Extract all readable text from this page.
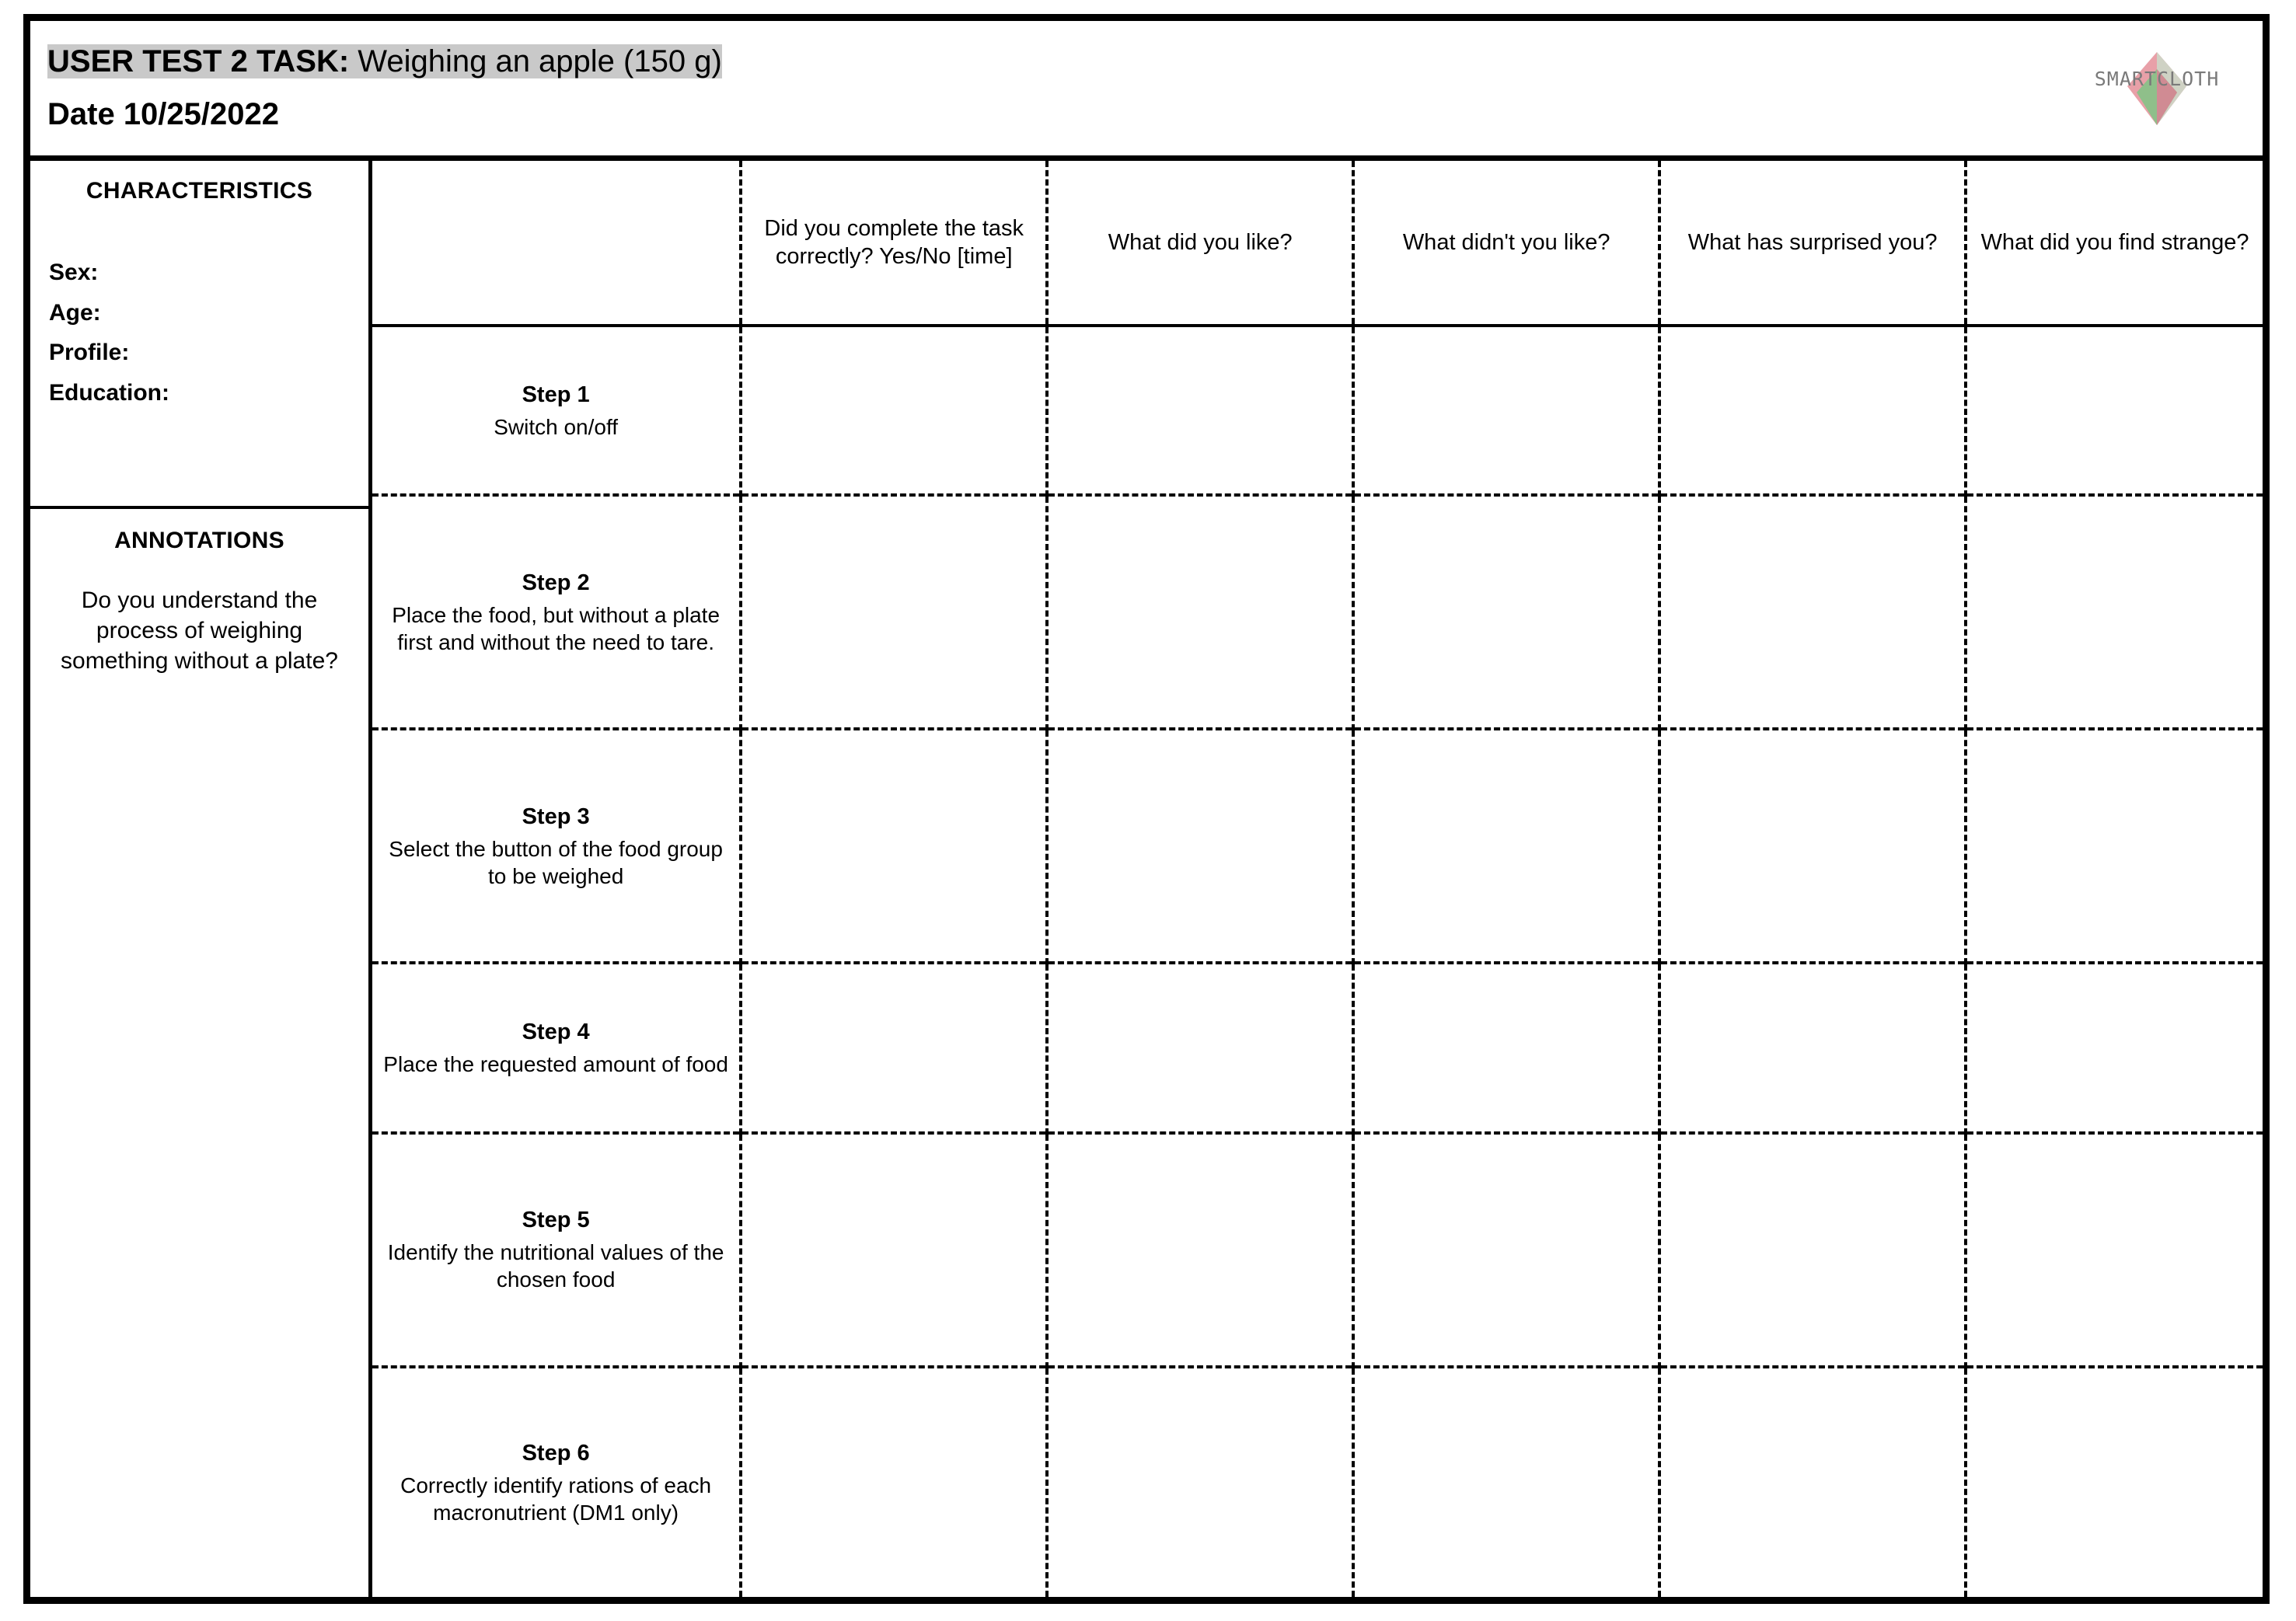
USER TEST 2 TASK: Weighing an apple (150 g)
Date 10/25/2022
SMARTCLOTH
CHARACTERISTICS
Sex:
Age:
Profile:
Education:
ANNOTATIONS
Do you understand the process of weighing something without a plate?
	Did you complete the task correctly? Yes/No [time]	What did you like?	What didn't you like?	What has surprised you?	What did you find strange?

Step 1
Switch on/off					

Step 2
Place the food, but without a plate first and without the need to tare.					

Step 3
Select the button of the food group to be weighed					

Step 4
Place the requested amount of food					

Step 5
Identify the nutritional values of the chosen food					

Step 6
Correctly identify rations of each macronutrient (DM1 only)					
